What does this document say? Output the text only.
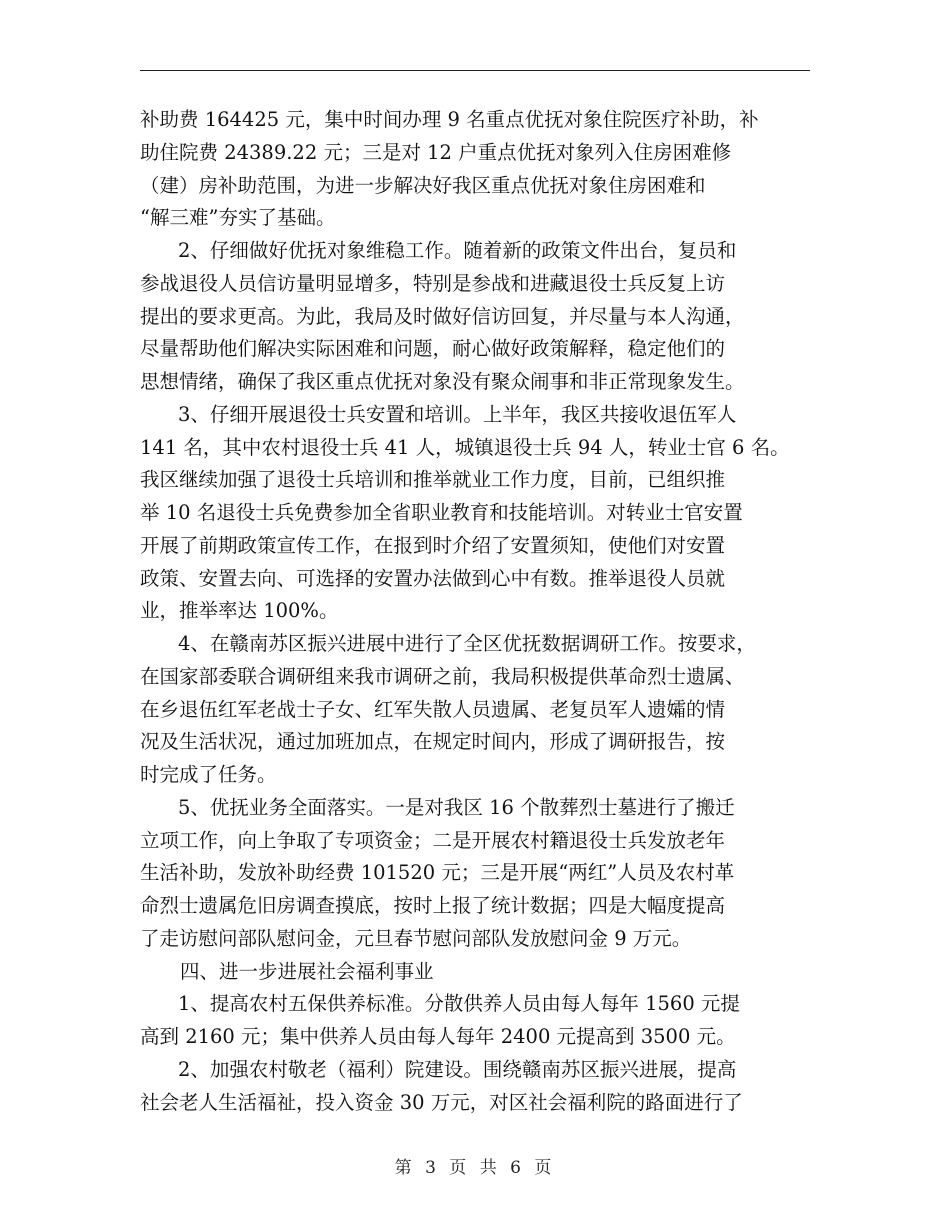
补助费 164425 元，集中时间办理 9 名重点优抚对象住院医疗补助，补
助住院费 24389.22 元；三是对 12 户重点优抚对象列入住房困难修
（建）房补助范围，为进一步解决好我区重点优抚对象住房困难和
“解三难”夯实了基础。
2、仔细做好优抚对象维稳工作。随着新的政策文件出台，复员和
参战退役人员信访量明显增多，特别是参战和进藏退役士兵反复上访
提出的要求更高。为此，我局及时做好信访回复，并尽量与本人沟通，
尽量帮助他们解决实际困难和问题，耐心做好政策解释，稳定他们的
思想情绪，确保了我区重点优抚对象没有聚众闹事和非正常现象发生。
3、仔细开展退役士兵安置和培训。上半年，我区共接收退伍军人
141 名，其中农村退役士兵 41 人，城镇退役士兵 94 人，转业士官 6 名。
我区继续加强了退役士兵培训和推举就业工作力度，目前，已组织推
举 10 名退役士兵免费参加全省职业教育和技能培训。对转业士官安置
开展了前期政策宣传工作，在报到时介绍了安置须知，使他们对安置
政策、安置去向、可选择的安置办法做到心中有数。推举退役人员就
业，推举率达 100%。
4、在赣南苏区振兴进展中进行了全区优抚数据调研工作。按要求，
在国家部委联合调研组来我市调研之前，我局积极提供革命烈士遗属、
在乡退伍红军老战士子女、红军失散人员遗属、老复员军人遗孀的情
况及生活状况，通过加班加点，在规定时间内，形成了调研报告，按
时完成了任务。
5、优抚业务全面落实。一是对我区 16 个散葬烈士墓进行了搬迁
立项工作，向上争取了专项资金；二是开展农村籍退役士兵发放老年
生活补助，发放补助经费 101520 元；三是开展“两红”人员及农村革
命烈士遗属危旧房调查摸底，按时上报了统计数据；四是大幅度提高
了走访慰问部队慰问金，元旦春节慰问部队发放慰问金 9 万元。
四、进一步进展社会福利事业
1、提高农村五保供养标准。分散供养人员由每人每年 1560 元提
高到 2160 元；集中供养人员由每人每年 2400 元提高到 3500 元。
2、加强农村敬老（福利）院建设。围绕赣南苏区振兴进展，提高
社会老人生活福祉，投入资金 30 万元，对区社会福利院的路面进行了
第 3 页 共 6 页
